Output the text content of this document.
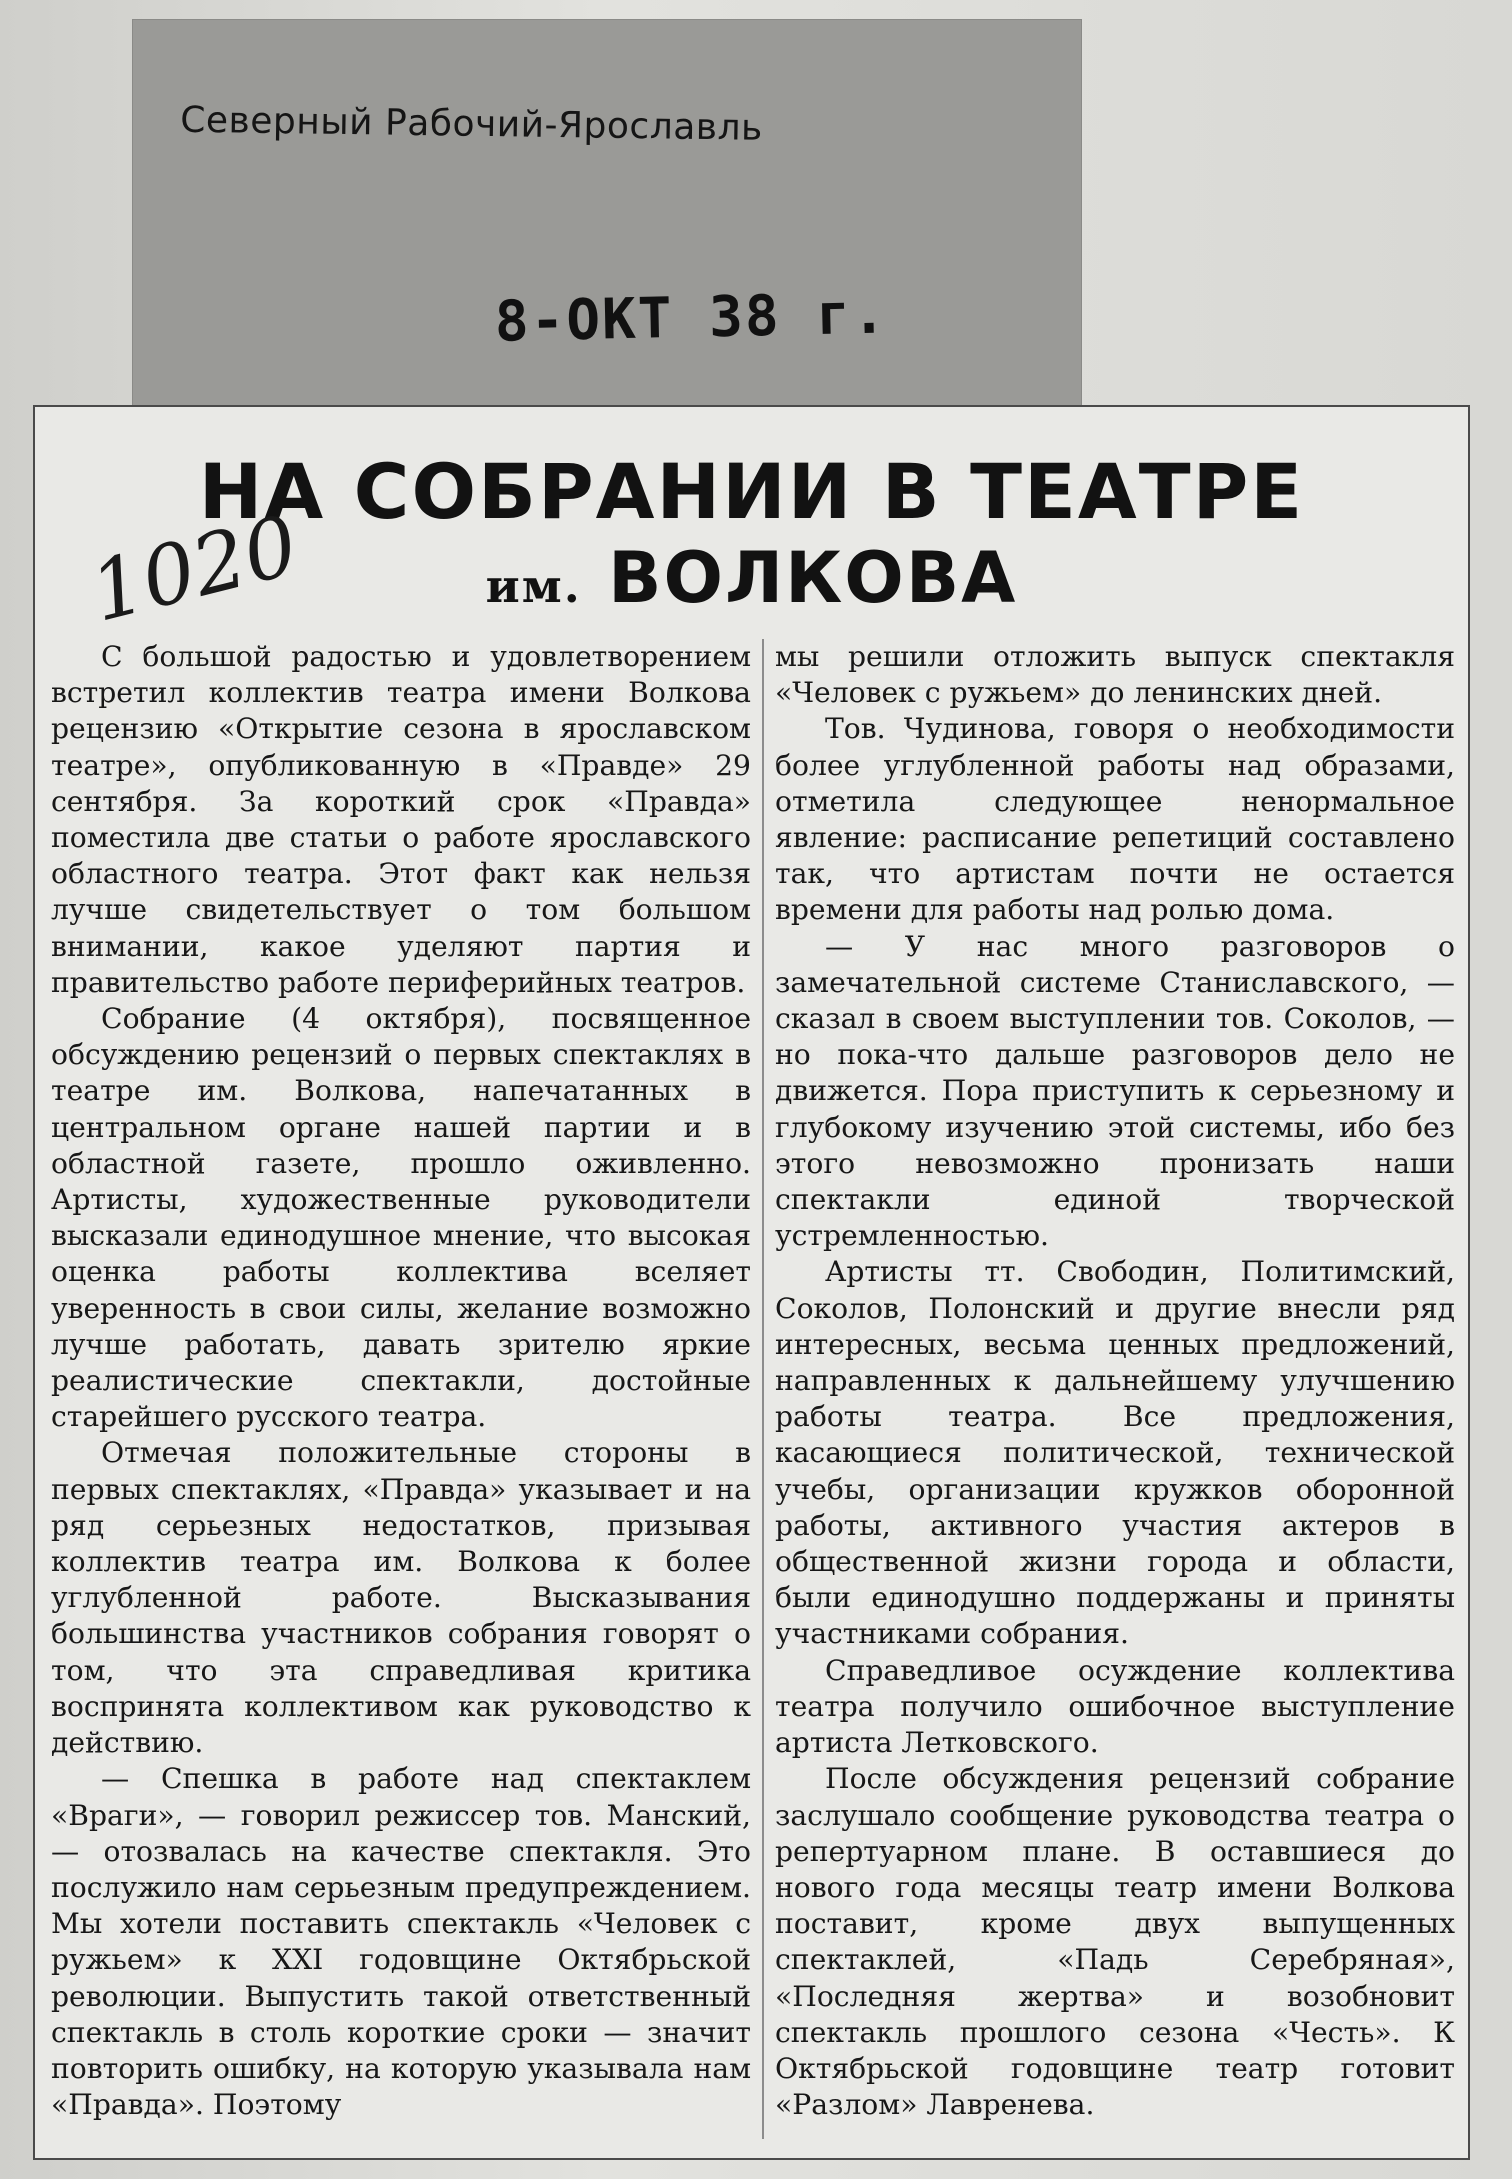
Северный Рабочий-Ярославль
8-ОКТ 38 г.
НА СОБРАНИИ В ТЕАТРЕ
им. ВОЛКОВА
1020

С большой радостью и удовлетворением встретил коллектив театра имени Волкова рецензию «Открытие сезона в ярославском театре», опубликованную в «Правде» 29 сентября. За короткий срок «Правда» поместила две статьи о работе ярославского областного театра. Этот факт как нельзя лучше свидетельствует о том большом внимании, какое уделяют партия и правительство работе периферийных театров.

Собрание (4 октября), посвященное обсуждению рецензий о первых спектаклях в театре им. Волкова, напечатанных в центральном органе нашей партии и в областной газете, прошло оживленно. Артисты, художественные руководители высказали единодушное мнение, что высокая оценка работы коллектива вселяет уверенность в свои силы, желание возможно лучше работать, давать зрителю яркие реалистические спектакли, достойные старейшего русского театра.

Отмечая положительные стороны в первых спектаклях, «Правда» указывает и на ряд серьезных недостатков, призывая коллектив театра им. Волкова к более углубленной работе. Высказывания большинства участников собрания говорят о том, что эта справедливая критика воспринята коллективом как руководство к действию.

— Спешка в работе над спектаклем «Враги», — говорил режиссер тов. Манский, — отозвалась на качестве спектакля. Это послужило нам серьезным предупреждением. Мы хотели поставить спектакль «Человек с ружьем» к XXI годовщине Октябрьской революции. Выпустить такой ответственный спектакль в столь короткие сроки — значит повторить ошибку, на которую указывала нам «Правда». Поэтому

мы решили отложить выпуск спектакля «Человек с ружьем» до ленинских дней.

Тов. Чудинова, говоря о необходимости более углубленной работы над образами, отметила следующее ненормальное явление: расписание репетиций составлено так, что артистам почти не остается времени для работы над ролью дома.

— У нас много разговоров о замечательной системе Станиславского, — сказал в своем выступлении тов. Соколов, — но пока-что дальше разговоров дело не движется. Пора приступить к серьезному и глубокому изучению этой системы, ибо без этого невозможно пронизать наши спектакли единой творческой устремленностью.

Артисты тт. Свободин, Политимский, Соколов, Полонский и другие внесли ряд интересных, весьма ценных предложений, направленных к дальнейшему улучшению работы театра. Все предложения, касающиеся политической, технической учебы, организации кружков оборонной работы, активного участия актеров в общественной жизни города и области, были единодушно поддержаны и приняты участниками собрания.

Справедливое осуждение коллектива театра получило ошибочное выступление артиста Летковского.

После обсуждения рецензий собрание заслушало сообщение руководства театра о репертуарном плане. В оставшиеся до нового года месяцы театр имени Волкова поставит, кроме двух выпущенных спектаклей, «Падь Серебряная», «Последняя жертва» и возобновит спектакль прошлого сезона «Честь». К Октябрьской годовщине театр готовит «Разлом» Лавренева.
